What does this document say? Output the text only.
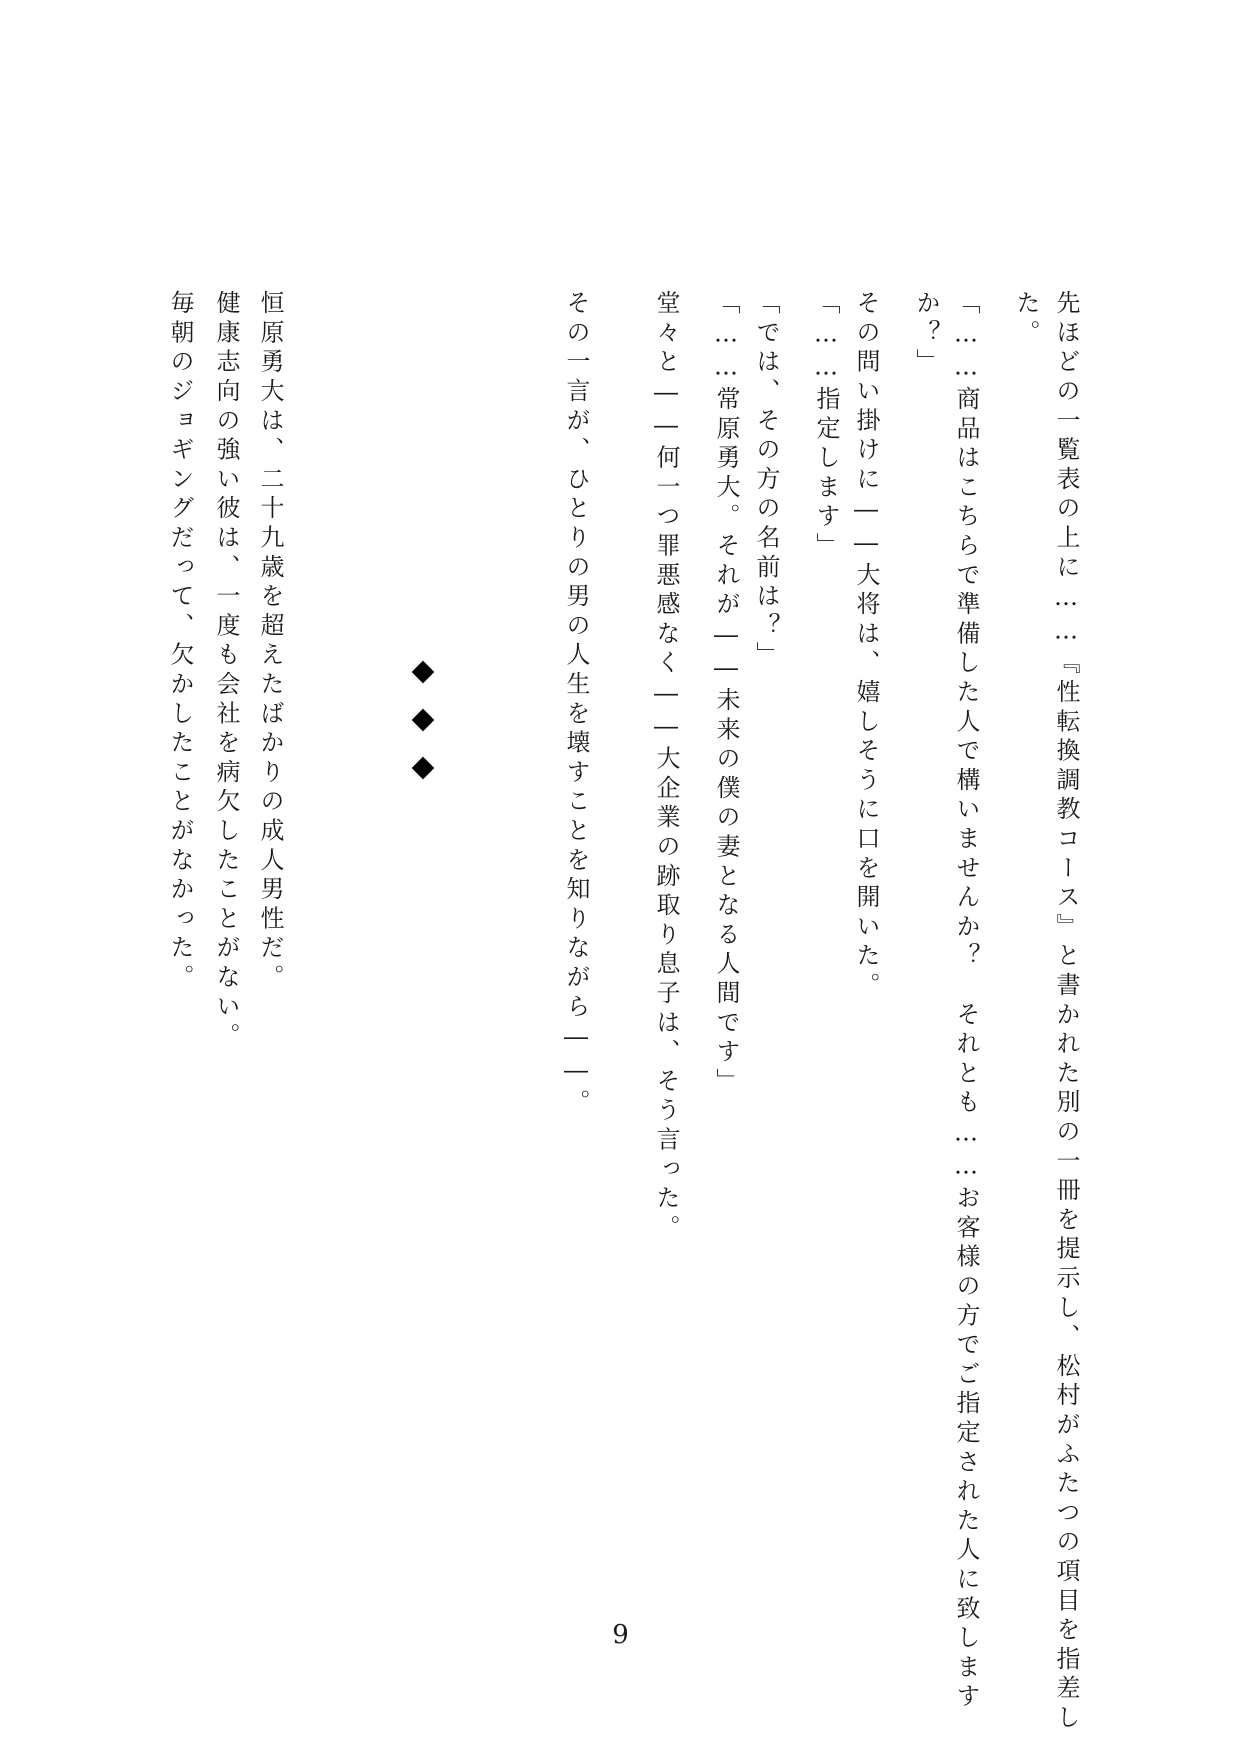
先ほどの一覧表の上に……『性転換調教コース』と書かれた別の一冊を提示し、松村がふたつの項目を指差し
た。
「……商品はこちらで準備した人で構いませんか？　それとも……お客様の方でご指定された人に致します
か？」
その問い掛けに――大将は、嬉しそうに口を開いた。
「……指定します」
「では、その方の名前は？」
「……常原勇大。それが――未来の僕の妻となる人間です」
堂々と――何一つ罪悪感なく――大企業の跡取り息子は、そう言った。
その一言が、ひとりの男の人生を壊すことを知りながら――。
恒原勇大は、二十九歳を超えたばかりの成人男性だ。
健康志向の強い彼は、一度も会社を病欠したことがない。
毎朝のジョギングだって、欠かしたことがなかった。
9
